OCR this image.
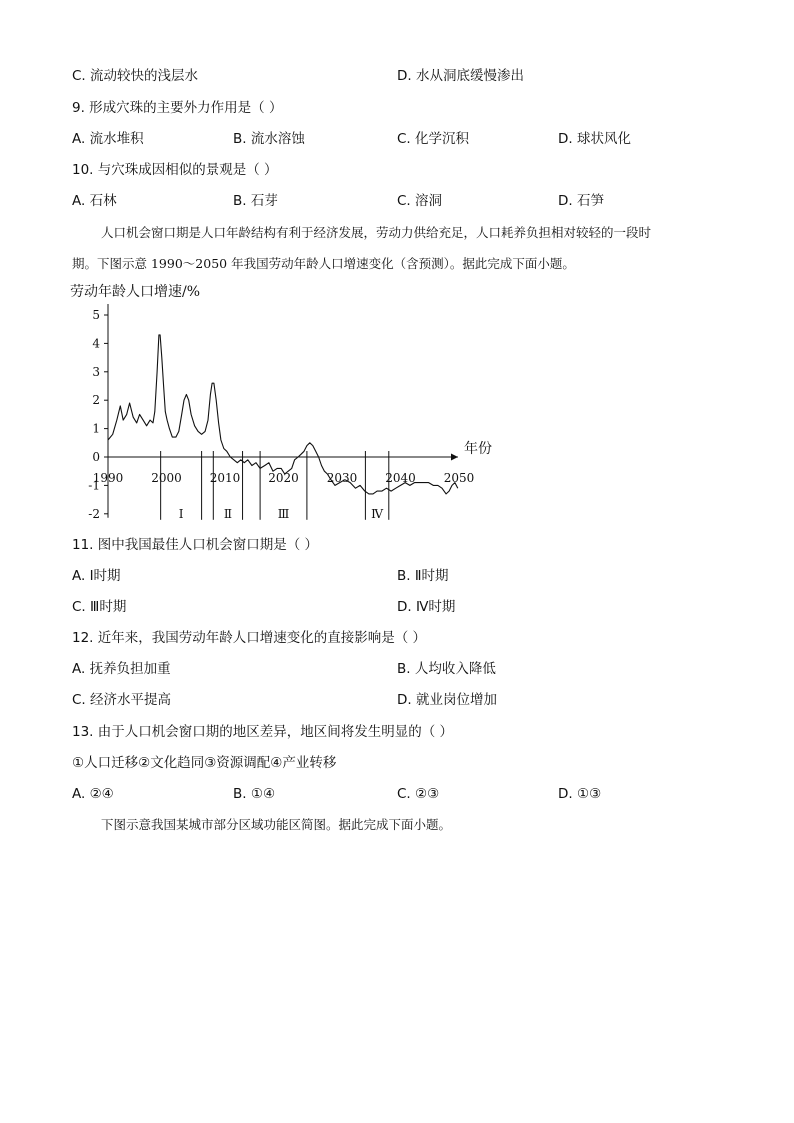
C. 流动较快的浅层水	D. 水从洞底缓慢渗出
9. 形成穴珠的主要外力作用是（ ）
A. 流水堆积	B. 流水溶蚀	C. 化学沉积	D. 球状风化
10. 与穴珠成因相似的景观是（ ）
A. 石林	B. 石芽	C. 溶洞	D. 石笋
人口机会窗口期是人口年龄结构有利于经济发展，劳动力供给充足，人口耗养负担相对较轻的一段时
期。下图示意 1990～2050 年我国劳动年龄人口增速变化（含预测）。据此完成下面小题。
劳动年龄人口增速/%
年份
5
4
3
2
1
0
-1
-2
1990 2000 2010 2020 2030 2040 2050
Ⅰ	Ⅱ	Ⅲ	Ⅳ
11. 图中我国最佳人口机会窗口期是（ ）
A. Ⅰ时期	B. Ⅱ时期
C. Ⅲ时期	D. Ⅳ时期
12. 近年来，我国劳动年龄人口增速变化的直接影响是（ ）
A. 抚养负担加重	B. 人均收入降低
C. 经济水平提高	D. 就业岗位增加
13. 由于人口机会窗口期的地区差异，地区间将发生明显的（ ）
①人口迁移②文化趋同③资源调配④产业转移
A. ②④	B. ①④	C. ②③	D. ①③
下图示意我国某城市部分区域功能区简图。据此完成下面小题。
